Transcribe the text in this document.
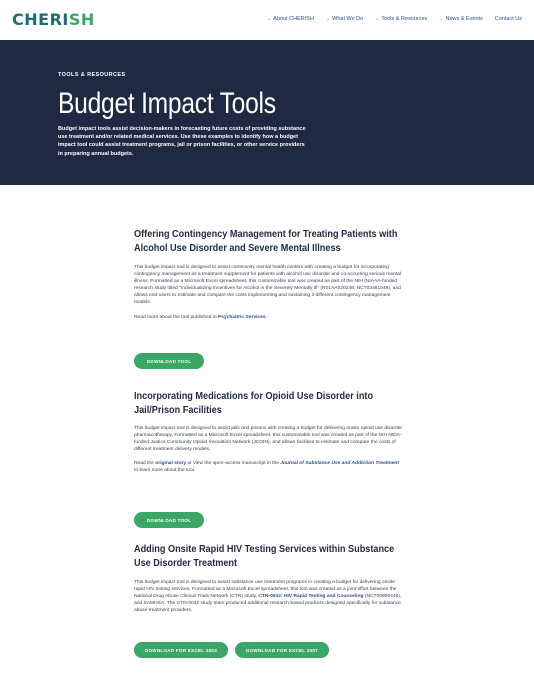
CHERISH	⌄ About CHERISH ⌄ What We Do ⌄ Tools & Resources ⌄ News & Events Contact Us
TOOLS & RESOURCES
Budget Impact Tools

Budget impact tools assist decision-makers in forecasting future costs of providing substance use treatment and/or related medical services. Use these examples to identify how a budget impact tool could assist treatment programs, jail or prison facilities, or other service providers in preparing annual budgets.

Offering Contingency Management for Treating Patients with Alcohol Use Disorder and Severe Mental Illness

This budget impact tool is designed to assist community mental health centers with creating a budget for incorporating contingency management as a treatment supplement for patients with alcohol use disorder and co-occurring serious mental illness. Formatted as a Microsoft Excel spreadsheet, this customizable tool was created as part of the NIH (NIAAA-funded research study titled "Individualizing Incentives for Alcohol in the Severely Mentally Ill" (R01AA020248; NCT03481049), and allows end-users to estimate and compare the costs implementing and sustaining 3 different contingency management models.

Read more about the tool published in Psychiatric Services.

DOWNLOAD TOOL
Incorporating Medications for Opioid Use Disorder into Jail/Prison Facilities

This budget impact tool is designed to assist jails and prisons with creating a budget for delivering onsite opioid use disorder pharmacotherapy. Formatted as a Microsoft Excel spreadsheet, this customizable tool was created as part of the NIH NIDA-funded Justice Community Opioid Innovation Network (JCOIN), and allows facilities to estimate and compare the costs of different treatment delivery models.

Read the original story or view the open-access manuscript in the Journal of Substance Use and Addiction Treatment to learn more about the tool.

DOWNLOAD TOOL
Adding Onsite Rapid HIV Testing Services within Substance Use Disorder Treatment

This budget impact tool is designed to assist substance use treatment programs in creating a budget for delivering onsite rapid HIV testing services. Formatted as a Microsoft Excel spreadsheet, this tool was created as a joint effort between the National Drug Abuse Clinical Trials Network (CTN) study, CTN-0032: HIV Rapid Testing and Counseling (NCT00809445), and SAMHSA. The CTN-0032 study team produced additional research-based products designed specifically for substance abuse treatment providers.

DOWNLOAD FOR EXCEL 2003	DOWNLOAD FOR EXCEL 2007
